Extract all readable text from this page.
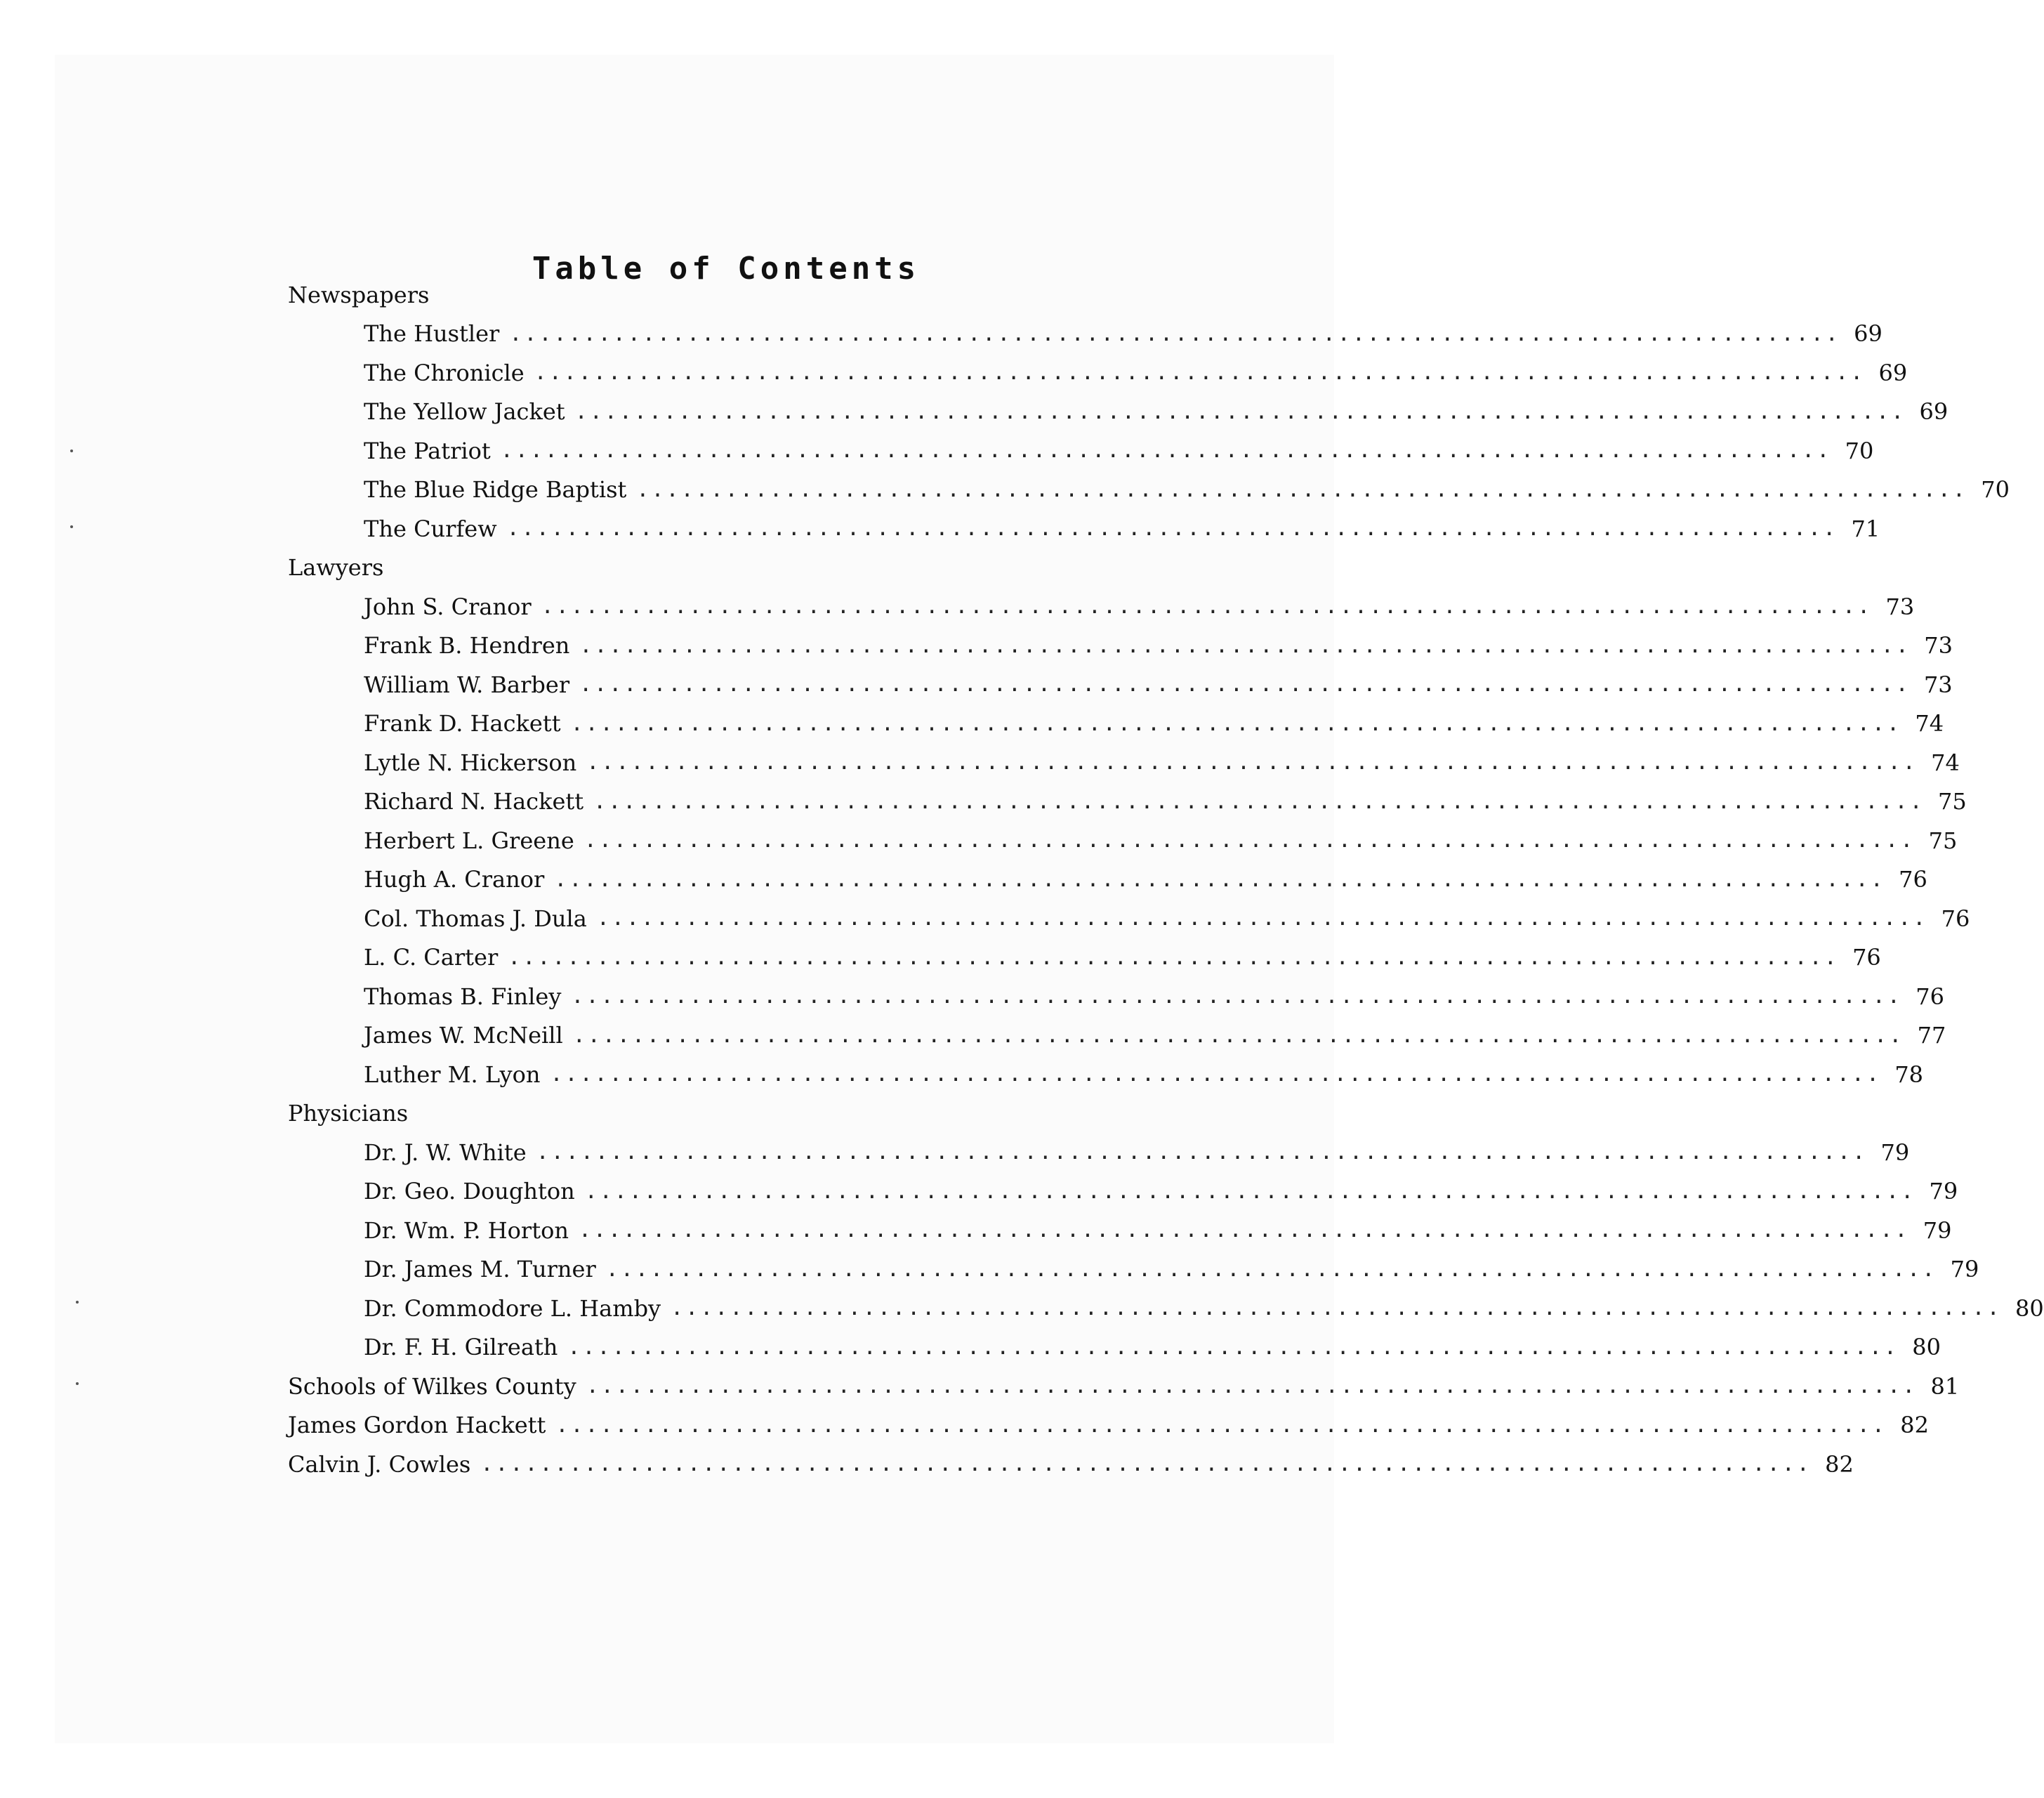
Table of Contents
Newspapers
The Hustler .......................................................................................... 69
The Chronicle .......................................................................................... 69
The Yellow Jacket .......................................................................................... 69
The Patriot .......................................................................................... 70
The Blue Ridge Baptist .......................................................................................... 70
The Curfew .......................................................................................... 71
Lawyers
John S. Cranor .......................................................................................... 73
Frank B. Hendren .......................................................................................... 73
William W. Barber .......................................................................................... 73
Frank D. Hackett .......................................................................................... 74
Lytle N. Hickerson .......................................................................................... 74
Richard N. Hackett .......................................................................................... 75
Herbert L. Greene .......................................................................................... 75
Hugh A. Cranor .......................................................................................... 76
Col. Thomas J. Dula .......................................................................................... 76
L. C. Carter .......................................................................................... 76
Thomas B. Finley .......................................................................................... 76
James W. McNeill .......................................................................................... 77
Luther M. Lyon .......................................................................................... 78
Physicians
Dr. J. W. White .......................................................................................... 79
Dr. Geo. Doughton .......................................................................................... 79
Dr. Wm. P. Horton .......................................................................................... 79
Dr. James M. Turner .......................................................................................... 79
Dr. Commodore L. Hamby .......................................................................................... 80
Dr. F. H. Gilreath .......................................................................................... 80
Schools of Wilkes County .......................................................................................... 81
James Gordon Hackett .......................................................................................... 82
Calvin J. Cowles .......................................................................................... 82
